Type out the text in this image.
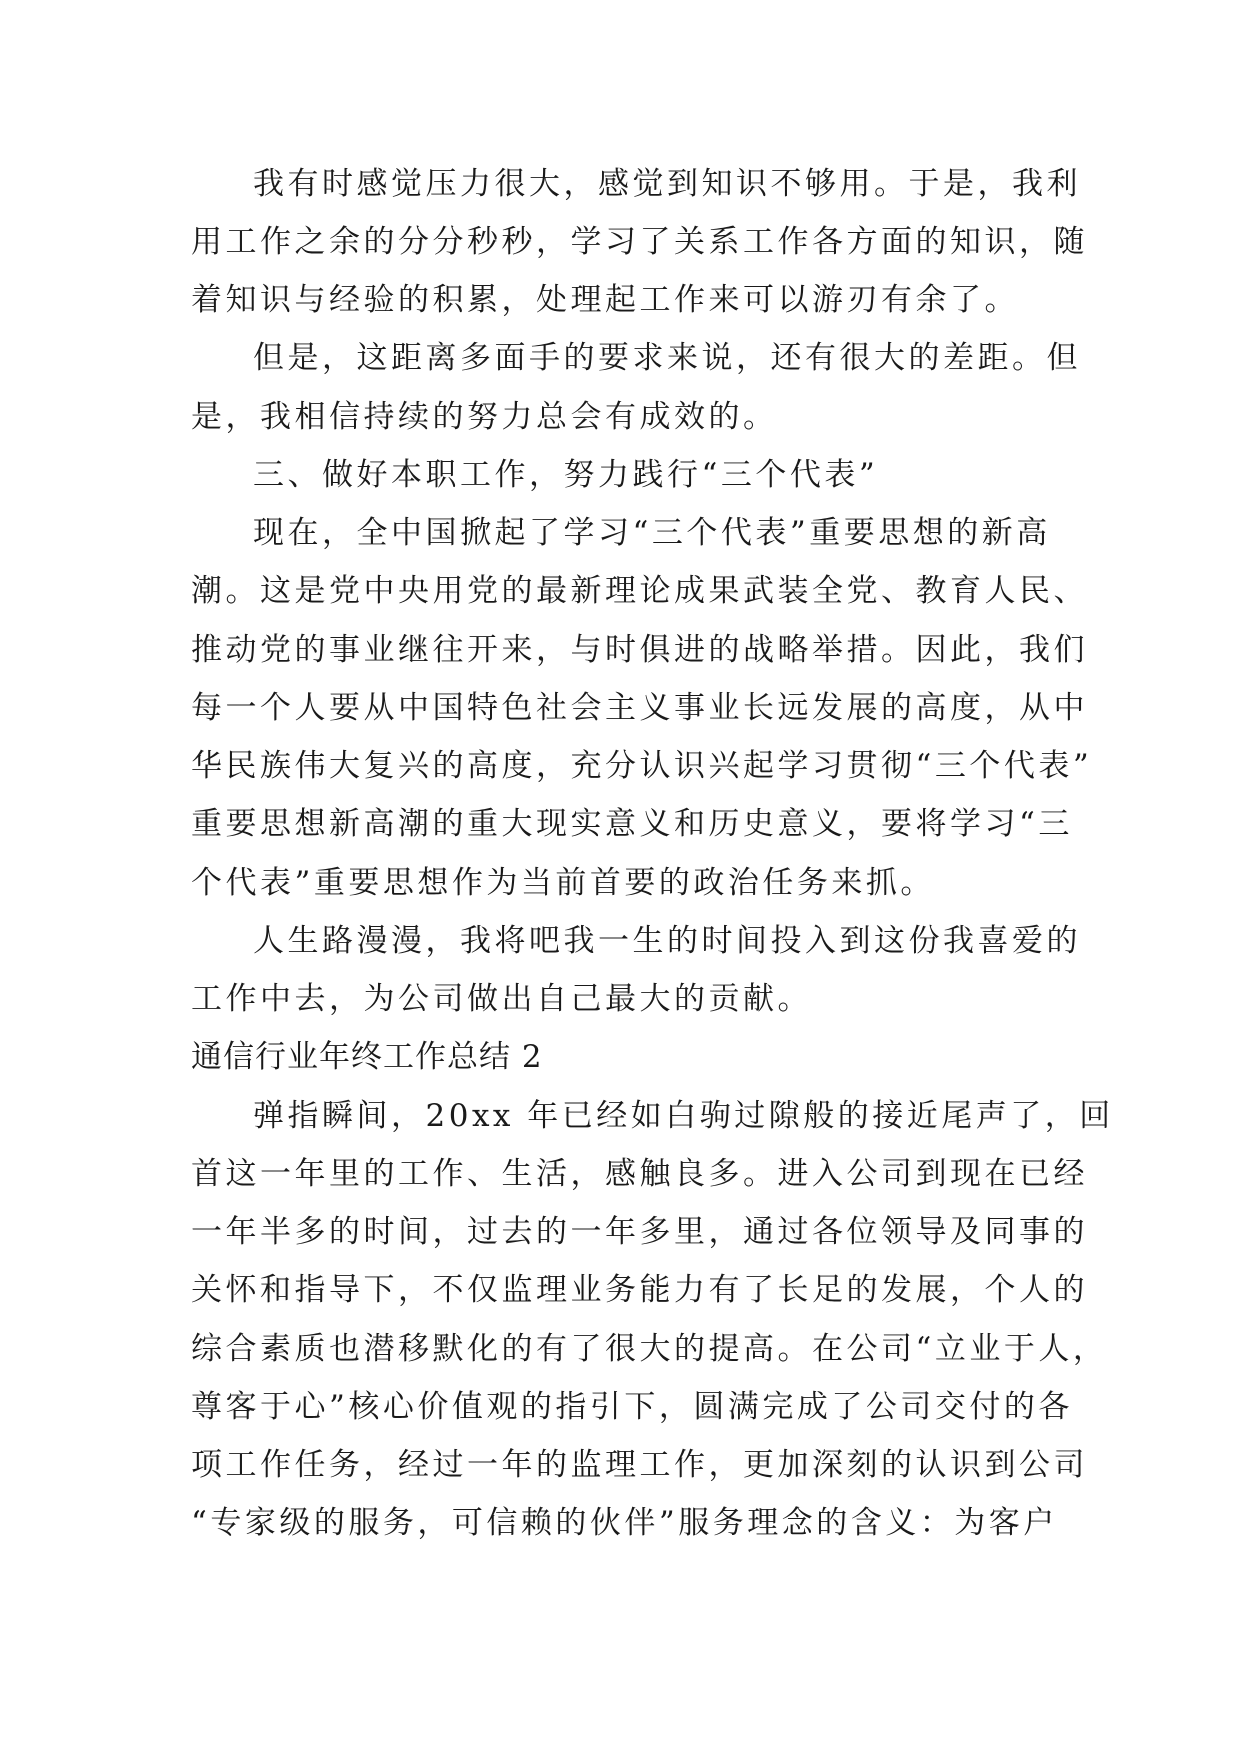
我有时感觉压力很大，感觉到知识不够用。于是，我利
用工作之余的分分秒秒，学习了关系工作各方面的知识，随
着知识与经验的积累，处理起工作来可以游刃有余了。
但是，这距离多面手的要求来说，还有很大的差距。但
是，我相信持续的努力总会有成效的。
三、做好本职工作，努力践行“三个代表”
现在，全中国掀起了学习“三个代表”重要思想的新高
潮。这是党中央用党的最新理论成果武装全党、教育人民、
推动党的事业继往开来，与时俱进的战略举措。因此，我们
每一个人要从中国特色社会主义事业长远发展的高度，从中
华民族伟大复兴的高度，充分认识兴起学习贯彻“三个代表”
重要思想新高潮的重大现实意义和历史意义，要将学习“三
个代表”重要思想作为当前首要的政治任务来抓。
人生路漫漫，我将吧我一生的时间投入到这份我喜爱的
工作中去，为公司做出自己最大的贡献。
通信行业年终工作总结 2
弹指瞬间，20xx 年已经如白驹过隙般的接近尾声了，回
首这一年里的工作、生活，感触良多。进入公司到现在已经
一年半多的时间，过去的一年多里，通过各位领导及同事的
关怀和指导下，不仅监理业务能力有了长足的发展，个人的
综合素质也潜移默化的有了很大的提高。在公司“立业于人，
尊客于心”核心价值观的指引下，圆满完成了公司交付的各
项工作任务，经过一年的监理工作，更加深刻的认识到公司
“专家级的服务，可信赖的伙伴”服务理念的含义：为客户
